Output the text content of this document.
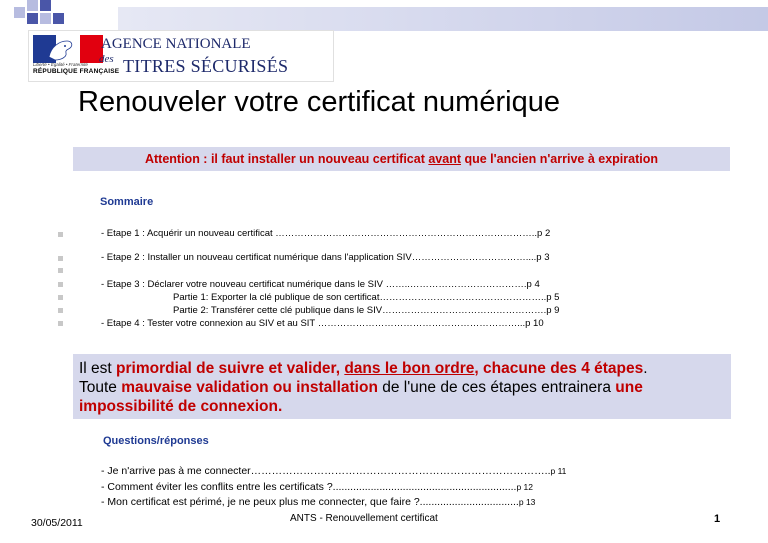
Liberté • Égalité • Fraternité
RÉPUBLIQUE FRANÇAISE
AGENCE NATIONALE
des TITRES SÉCURISÉS
Renouveler votre certificat numérique
Attention : il faut installer un nouveau certificat avant que l'ancien n'arrive à expiration
Sommaire
- Etape 1 : Acquérir un nouveau certificat ………………………………………………………………………..p 2
- Etape 2 : Installer un nouveau certificat numérique dans l'application SIV………………………………....p 3
- Etape 3 : Déclarer votre nouveau certificat numérique dans le SIV ……..……………………………….p 4
Partie 1: Exporter la clé publique de son certificat……………………………………………..p 5
Partie 2: Transférer cette clé publique dans le SIV…………………………………………….p 9
- Etape 4 : Tester votre connexion au SIV et au SIT ………………………………………………………...p 10
Il est primordial de suivre et valider, dans le bon ordre, chacune des 4 étapes.
Toute mauvaise validation ou installation de l'une de ces étapes entrainera une impossibilité de connexion.
Questions/réponses
- Je n'arrive pas à me connecter…………………………………………………………………………..p 11
- Comment éviter les conflits entre les certificats ?...............................................................p 12
- Mon certificat est périmé, je ne peux plus me connecter, que faire ?..................................p 13
30/05/2011	ANTS - Renouvellement certificat	1
